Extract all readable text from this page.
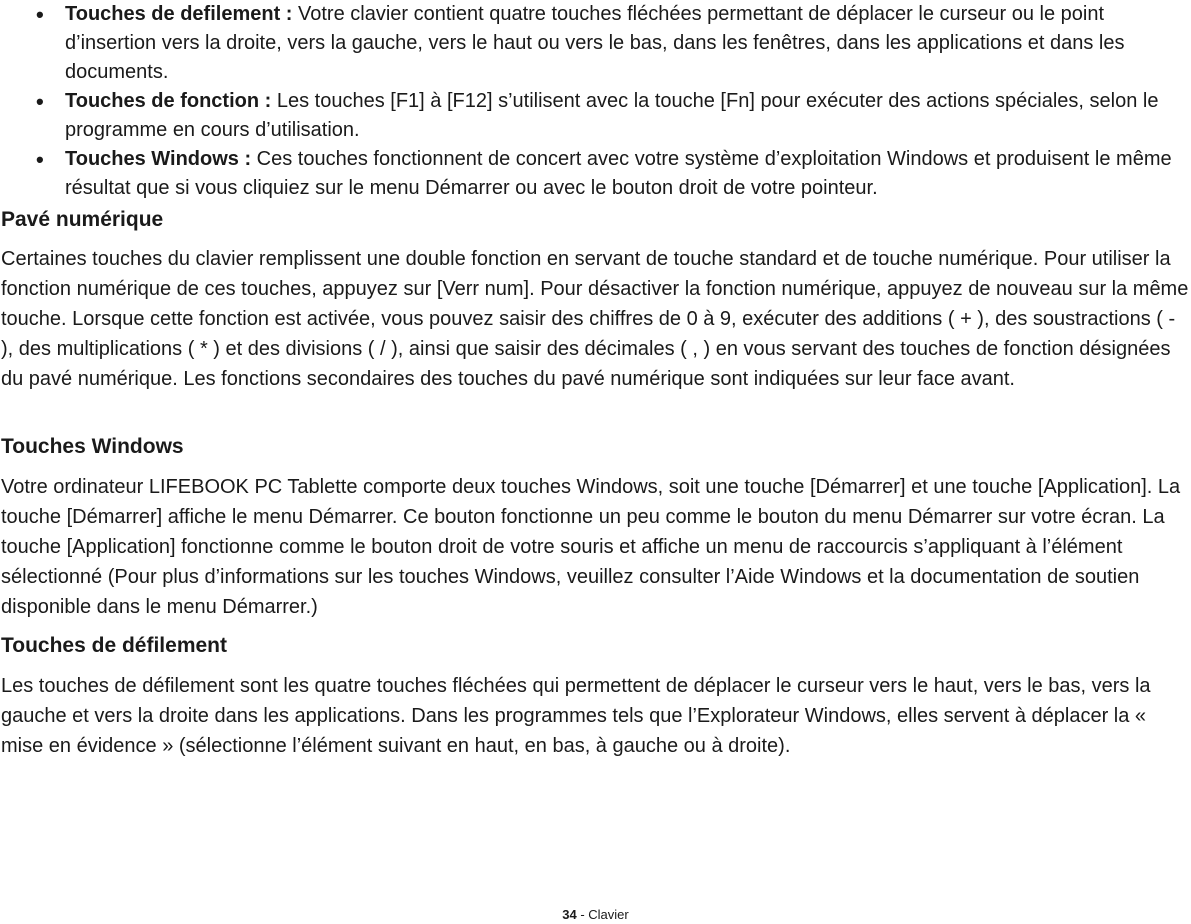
• Touches de defilement : Votre clavier contient quatre touches fléchées permettant de déplacer le curseur ou le point d’insertion vers la droite, vers la gauche, vers le haut ou vers le bas, dans les fenêtres, dans les applications et dans les documents.
• Touches de fonction : Les touches [F1] à [F12] s’utilisent avec la touche [Fn] pour exécuter des actions spéciales, selon le programme en cours d’utilisation.
• Touches Windows : Ces touches fonctionnent de concert avec votre système d’exploitation Windows et produisent le même résultat que si vous cliquiez sur le menu Démarrer ou avec le bouton droit de votre pointeur.
Pavé numérique

Certaines touches du clavier remplissent une double fonction en servant de touche standard et de touche numérique. Pour utiliser la fonction numérique de ces touches, appuyez sur [Verr num]. Pour désactiver la fonction numérique, appuyez de nouveau sur la même touche. Lorsque cette fonction est activée, vous pouvez saisir des chiffres de 0 à 9, exécuter des additions ( + ), des soustractions ( - ), des multiplications ( * ) et des divisions ( / ), ainsi que saisir des décimales ( , ) en vous servant des touches de fonction désignées du pavé numérique. Les fonctions secondaires des touches du pavé numérique sont indiquées sur leur face avant.

Touches Windows

Votre ordinateur LIFEBOOK PC Tablette comporte deux touches Windows, soit une touche [Démarrer] et une touche [Application]. La touche [Démarrer] affiche le menu Démarrer. Ce bouton fonctionne un peu comme le bouton du menu Démarrer sur votre écran. La touche [Application] fonctionne comme le bouton droit de votre souris et affiche un menu de raccourcis s’appliquant à l’élément sélectionné (Pour plus d’informations sur les touches Windows, veuillez consulter l’Aide Windows et la documentation de soutien disponible dans le menu Démarrer.)

Touches de défilement

Les touches de défilement sont les quatre touches fléchées qui permettent de déplacer le curseur vers le haut, vers le bas, vers la gauche et vers la droite dans les applications. Dans les programmes tels que l’Explorateur Windows, elles servent à déplacer la « mise en évidence » (sélectionne l’élément suivant en haut, en bas, à gauche ou à droite).

34 - Clavier
